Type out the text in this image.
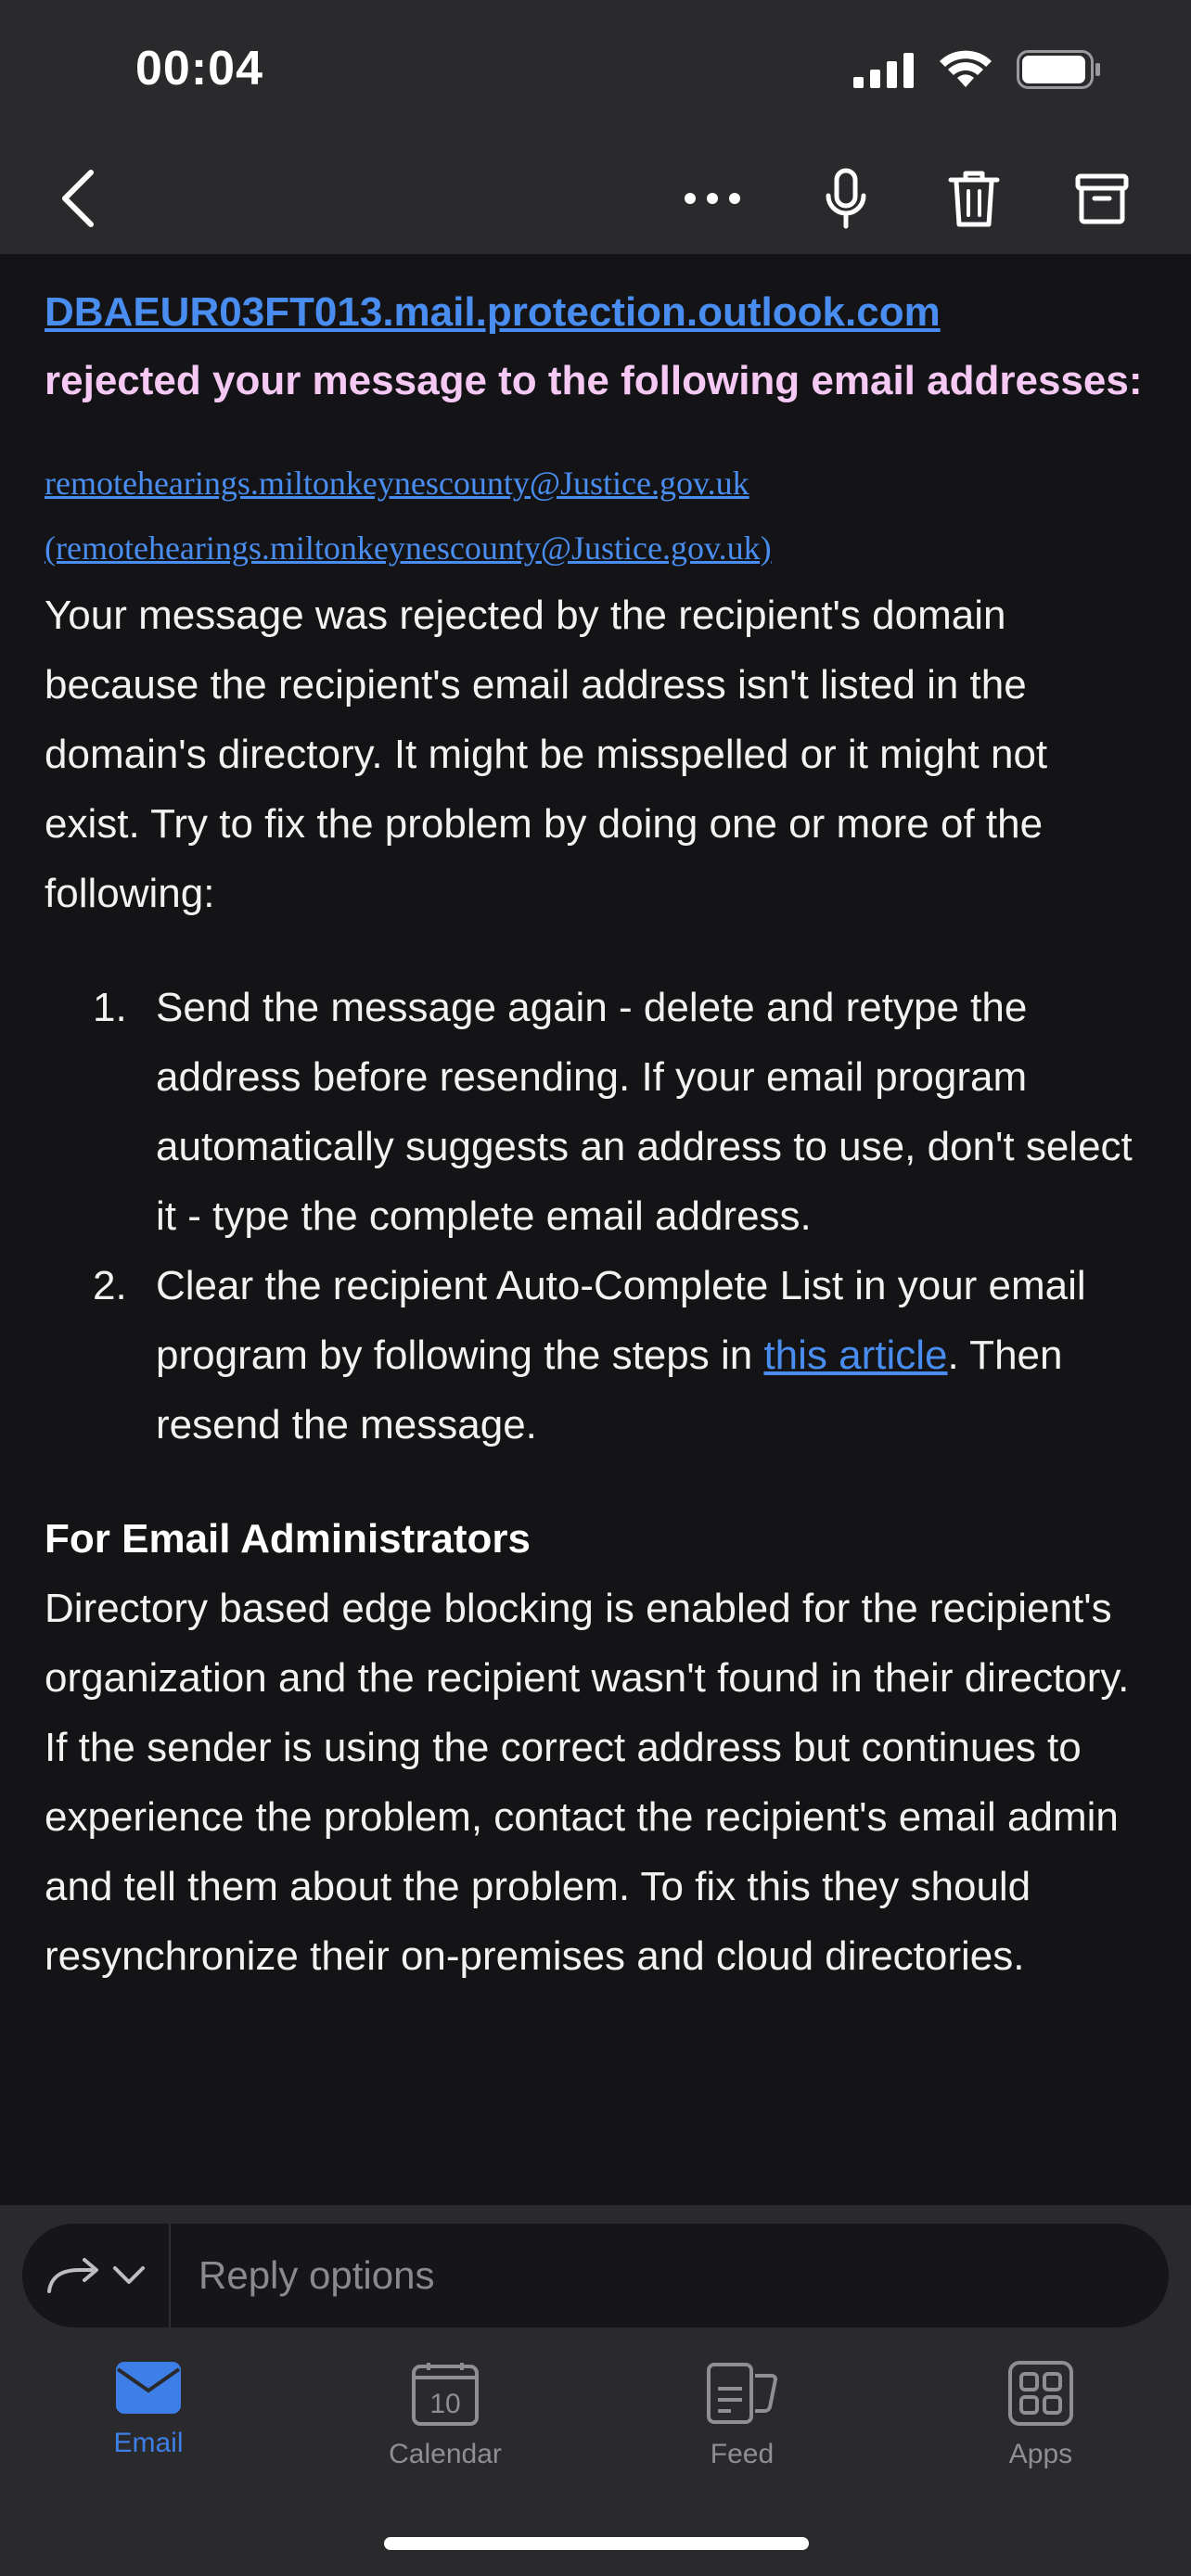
00:04
DBAEUR03FT013.mail.protection.outlook.com
rejected your message to the following email addresses:
remotehearings.miltonkeynescounty@Justice.gov.uk
(remotehearings.miltonkeynescounty@Justice.gov.uk)
Your message was rejected by the recipient's domain because the recipient's email address isn't listed in the domain's directory. It might be misspelled or it might not exist. Try to fix the problem by doing one or more of the following:
1. Send the message again - delete and retype the address before resending. If your email program automatically suggests an address to use, don't select it - type the complete email address.
2. Clear the recipient Auto-Complete List in your email program by following the steps in this article. Then resend the message.
For Email Administrators
Directory based edge blocking is enabled for the recipient's organization and the recipient wasn't found in their directory. If the sender is using the correct address but continues to experience the problem, contact the recipient's email admin and tell them about the problem. To fix this they should resynchronize their on-premises and cloud directories.
Reply options
Email
10
Calendar	Feed	Apps
